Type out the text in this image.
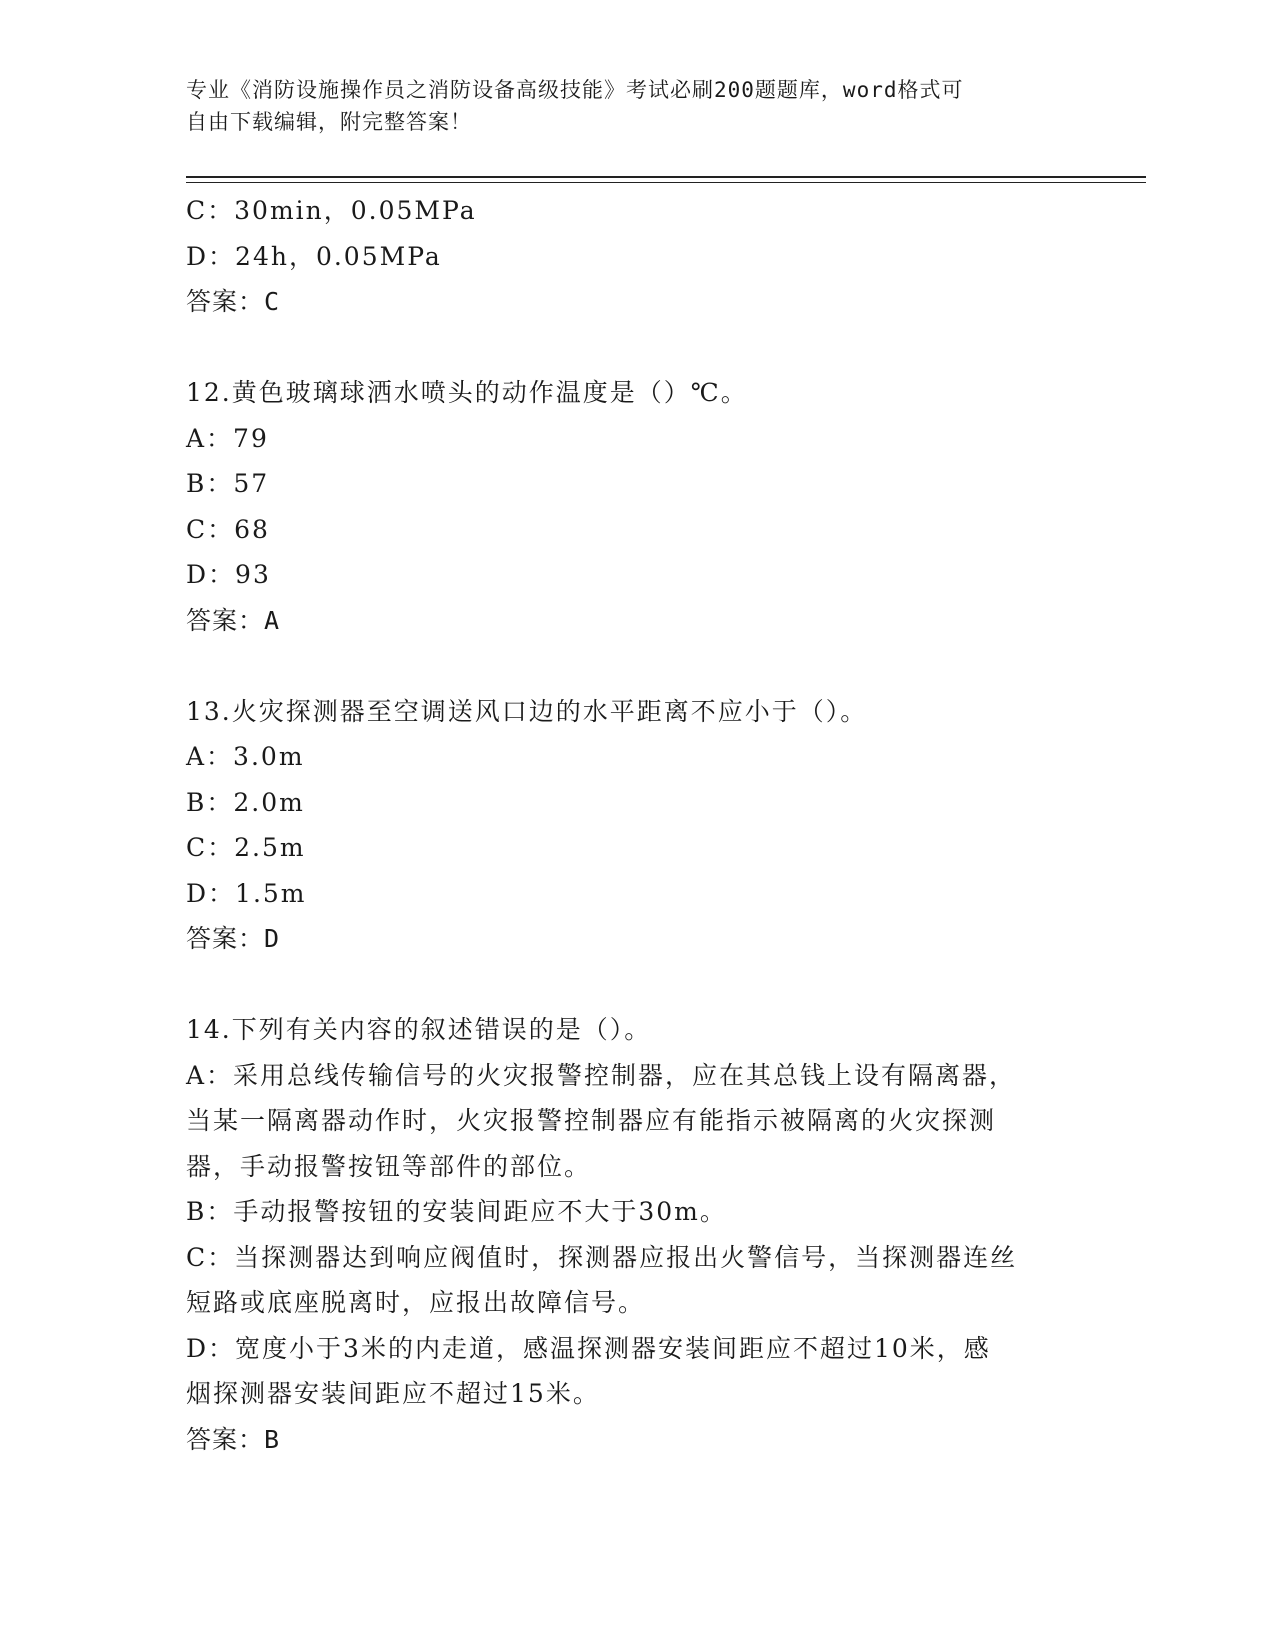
专业《消防设施操作员之消防设备高级技能》考试必刷200题题库，word格式可
自由下载编辑，附完整答案！
C：30min，0.05MPa
D：24h，0.05MPa
答案：C
12.黄色玻璃球洒水喷头的动作温度是（）℃。
A：79
B：57
C：68
D：93
答案：A
13.火灾探测器至空调送风口边的水平距离不应小于（）。
A：3.0m
B：2.0m
C：2.5m
D：1.5m
答案：D
14.下列有关内容的叙述错误的是（）。
A：采用总线传输信号的火灾报警控制器，应在其总钱上设有隔离器，
当某一隔离器动作时，火灾报警控制器应有能指示被隔离的火灾探测
器，手动报警按钮等部件的部位。
B：手动报警按钮的安装间距应不大于30m。
C：当探测器达到响应阀值时，探测器应报出火警信号，当探测器连丝
短路或底座脱离时，应报出故障信号。
D：宽度小于3米的内走道，感温探测器安装间距应不超过10米，感
烟探测器安装间距应不超过15米。
答案：B
